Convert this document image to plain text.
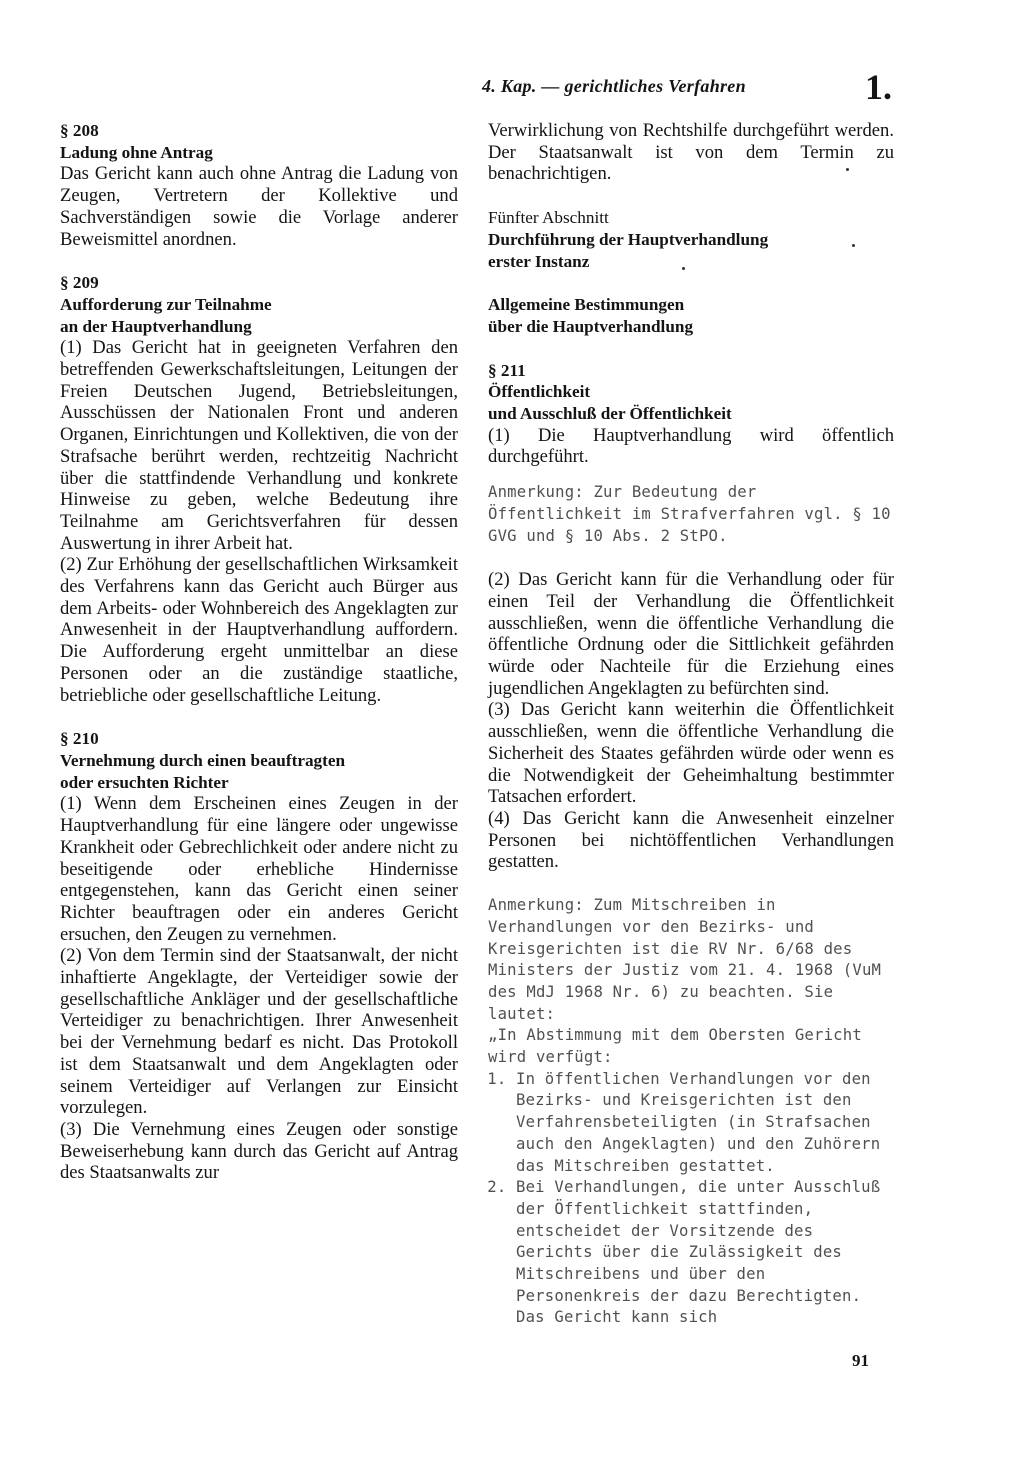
4. Kap. — gerichtliches Verfahren	1.
§ 208
Ladung ohne Antrag

Das Gericht kann auch ohne Antrag die Ladung von Zeugen, Vertretern der Kollektive und Sachverständigen sowie die Vorlage anderer Beweismittel anordnen.

§ 209
Aufforderung zur Teilnahme
an der Hauptverhandlung

(1) Das Gericht hat in geeigneten Verfahren den betreffenden Gewerkschaftsleitungen, Leitungen der Freien Deutschen Jugend, Betriebsleitungen, Ausschüssen der Nationalen Front und anderen Organen, Einrichtungen und Kollektiven, die von der Strafsache berührt werden, rechtzeitig Nachricht über die stattfindende Verhandlung und konkrete Hinweise zu geben, welche Bedeutung ihre Teilnahme am Gerichtsverfahren für dessen Auswertung in ihrer Arbeit hat.

(2) Zur Erhöhung der gesellschaftlichen Wirksamkeit des Verfahrens kann das Gericht auch Bürger aus dem Arbeits- oder Wohnbereich des Angeklagten zur Anwesenheit in der Hauptverhandlung auffordern. Die Aufforderung ergeht unmittelbar an diese Personen oder an die zuständige staatliche, betriebliche oder gesellschaftliche Leitung.

§ 210
Vernehmung durch einen beauftragten
oder ersuchten Richter

(1) Wenn dem Erscheinen eines Zeugen in der Hauptverhandlung für eine längere oder ungewisse Krankheit oder Gebrechlichkeit oder andere nicht zu beseitigende oder erhebliche Hindernisse entgegenstehen, kann das Gericht einen seiner Richter beauftragen oder ein anderes Gericht ersuchen, den Zeugen zu vernehmen.

(2) Von dem Termin sind der Staatsanwalt, der nicht inhaftierte Angeklagte, der Verteidiger sowie der gesellschaftliche Ankläger und der gesellschaftliche Verteidiger zu benachrichtigen. Ihrer Anwesenheit bei der Vernehmung bedarf es nicht. Das Protokoll ist dem Staatsanwalt und dem Angeklagten oder seinem Verteidiger auf Verlangen zur Einsicht vorzulegen.

(3) Die Vernehmung eines Zeugen oder sonstige Beweiserhebung kann durch das Gericht auf Antrag des Staatsanwalts zur

Verwirklichung von Rechtshilfe durchgeführt werden. Der Staatsanwalt ist von dem Termin zu benachrichtigen.

Fünfter Abschnitt
Durchführung der Hauptverhandlung
erster Instanz
Allgemeine Bestimmungen
über die Hauptverhandlung
§ 211
Öffentlichkeit
und Ausschluß der Öffentlichkeit

(1) Die Hauptverhandlung wird öffentlich durchgeführt.

Anmerkung: Zur Bedeutung der Öffentlichkeit im Strafverfahren vgl. § 10 GVG und § 10 Abs. 2 StPO.

(2) Das Gericht kann für die Verhandlung oder für einen Teil der Verhandlung die Öffentlichkeit ausschließen, wenn die öffentliche Verhandlung die öffentliche Ordnung oder die Sittlichkeit gefährden würde oder Nachteile für die Erziehung eines jugendlichen Angeklagten zu befürchten sind.

(3) Das Gericht kann weiterhin die Öffentlichkeit ausschließen, wenn die öffentliche Verhandlung die Sicherheit des Staates gefährden würde oder wenn es die Notwendigkeit der Geheimhaltung bestimmter Tatsachen erfordert.

(4) Das Gericht kann die Anwesenheit einzelner Personen bei nichtöffentlichen Verhandlungen gestatten.

Anmerkung: Zum Mitschreiben in Verhandlungen vor den Bezirks- und Kreisgerichten ist die RV Nr. 6/68 des Ministers der Justiz vom 21. 4. 1968 (VuM des MdJ 1968 Nr. 6) zu beachten. Sie lautet:
„In Abstimmung mit dem Obersten Gericht wird verfügt:
1. In öffentlichen Verhandlungen vor den Bezirks- und Kreisgerichten ist den Verfahrensbeteiligten (in Strafsachen auch den Angeklagten) und den Zuhörern das Mitschreiben gestattet.
2. Bei Verhandlungen, die unter Ausschluß der Öffentlichkeit stattfinden, entscheidet der Vorsitzende des Gerichts über die Zulässigkeit des Mitschreibens und über den Personenkreis der dazu Berechtigten. Das Gericht kann sich
91
